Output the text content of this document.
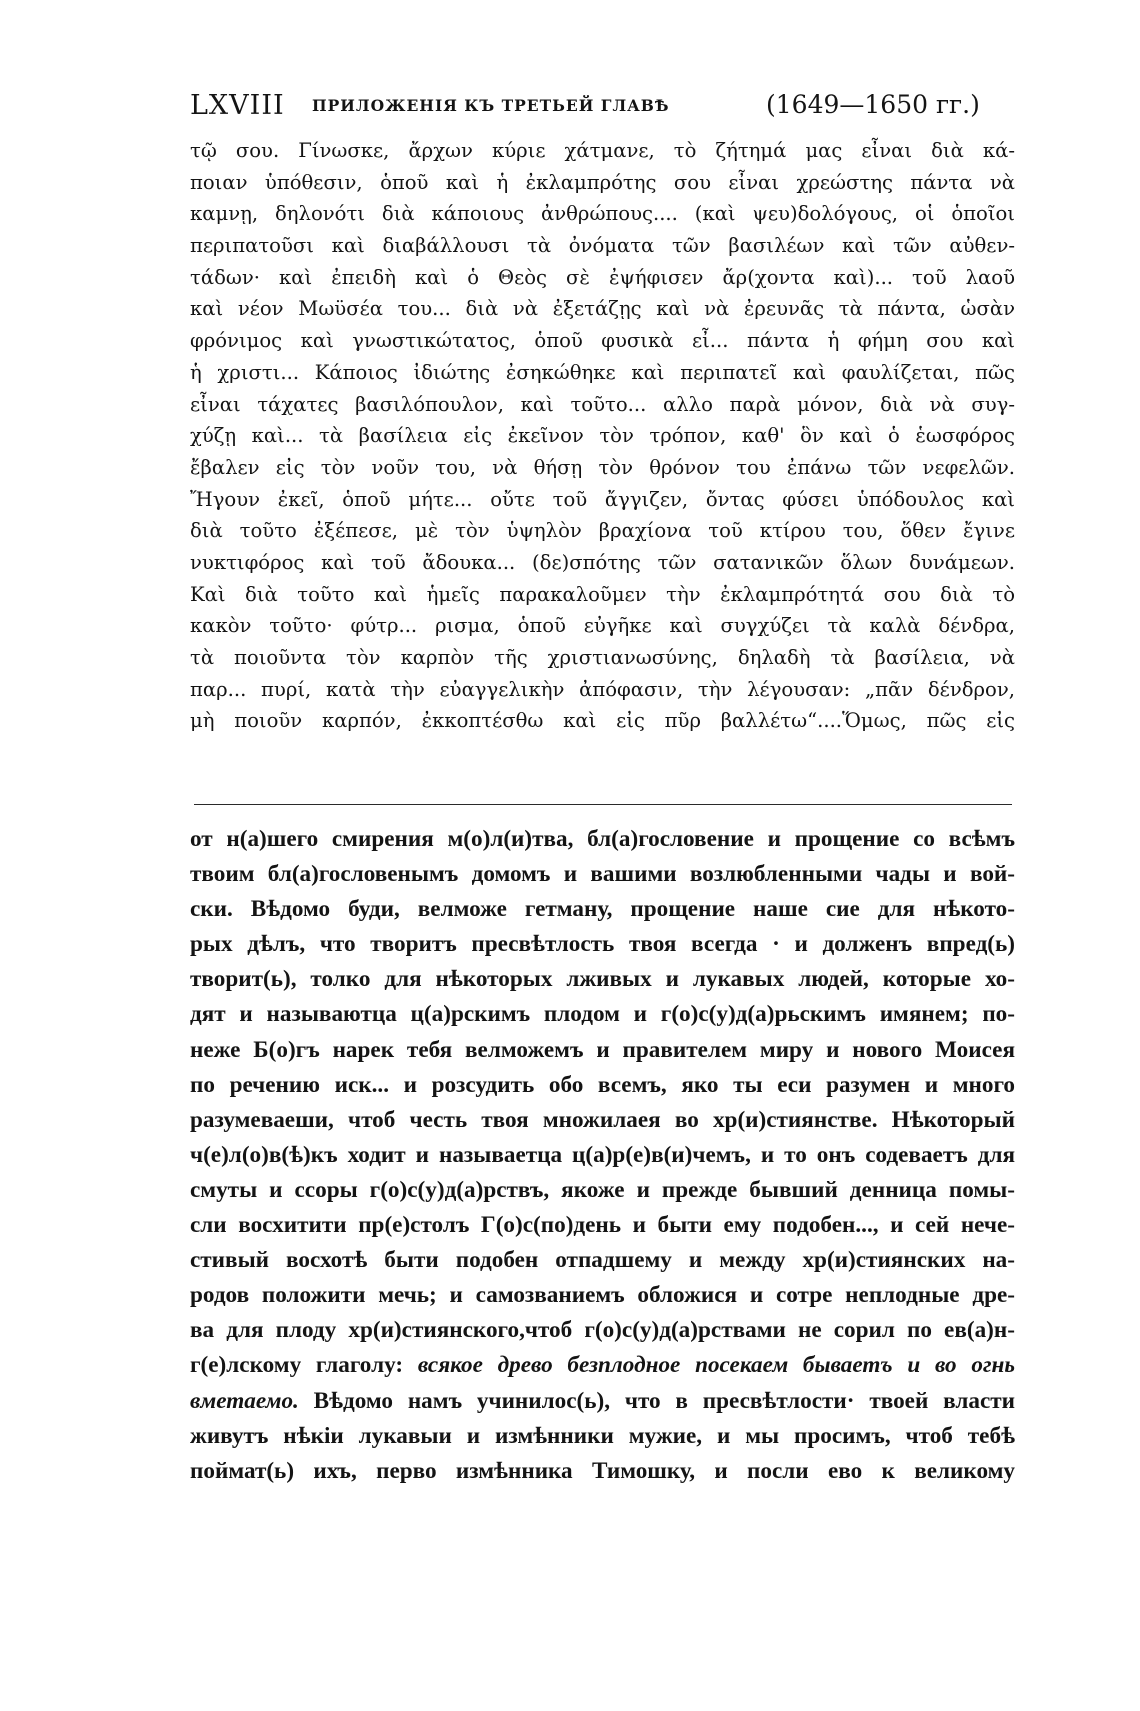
LXVIII ПРИЛОЖЕНІЯ КЪ ТРЕТЬЕЙ ГЛАВѢ	(1649—1650 гг.)
τῷ σου. Γίνωσκε, ἄρχων κύριε χάτμανε, τὸ ζήτημά μας εἶναι διὰ κά-
ποιαν ὑπόθεσιν, ὁποῦ καὶ ἡ ἐκλαμπρότης σου εἶναι χρεώστης πάντα νὰ
καμνῃ, δηλονότι διὰ κάποιους ἀνθρώπους.... (καὶ ψευ)δολόγους, οἱ ὁποῖοι
περιπατοῦσι καὶ διαβάλλουσι τὰ ὀνόματα τῶν βασιλέων καὶ τῶν αὐθεν-
τάδων· καὶ ἐπειδὴ καὶ ὁ Θεὸς σὲ ἐψήφισεν ἄρ(χοντα καὶ)... τοῦ λαοῦ
καὶ νέον Μωϋσέα του... διὰ νὰ ἐξετάζῃς καὶ νὰ ἐρευνᾶς τὰ πάντα, ὡσὰν
φρόνιμος καὶ γνωστικώτατος, ὁποῦ φυσικὰ εἶ... πάντα ἡ φήμη σου καὶ
ἡ χριστι... Κάποιος ἰδιώτης ἐσηκώθηκε καὶ περιπατεῖ καὶ φαυλίζεται, πῶς
εἶναι τάχατες βασιλόπουλον, καὶ τοῦτο... αλλο παρὰ μόνον, διὰ νὰ συγ-
χύζῃ καὶ... τὰ βασίλεια εἰς ἐκεῖνον τὸν τρόπον, καθ' ὃν καὶ ὁ ἑωσφόρος
ἔβαλεν εἰς τὸν νοῦν του, νὰ θήσῃ τὸν θρόνον του ἐπάνω τῶν νεφελῶν.
Ἤγουν ἐκεῖ, ὁποῦ μήτε... οὔτε τοῦ ἄγγιζεν, ὄντας φύσει ὑπόδουλος καὶ
διὰ τοῦτο ἐξέπεσε, μὲ τὸν ὑψηλὸν βραχίονα τοῦ κτίρου του, ὅθεν ἔγινε
νυκτιφόρος καὶ τοῦ ἄδουκα... (δε)σπότης τῶν σατανικῶν ὅλων δυνάμεων.
Καὶ διὰ τοῦτο καὶ ἡμεῖς παρακαλοῦμεν τὴν ἐκλαμπρότητά σου διὰ τὸ
κακὸν τοῦτο· φύτρ... ρισμα, ὁποῦ εὐγῆκε καὶ συγχύζει τὰ καλὰ δένδρα,
τὰ ποιοῦντα τὸν καρπὸν τῆς χριστιανωσύνης, δηλαδὴ τὰ βασίλεια, νὰ
παρ... πυρί, κατὰ τὴν εὐαγγελικὴν ἀπόφασιν, τὴν λέγουσαν: „πᾶν δένδρον,
μὴ ποιοῦν καρπόν, ἐκκοπτέσθω καὶ εἰς πῦρ βαλλέτω“....Ὅμως, πῶς εἰς
от н(а)шего смирения м(о)л(и)тва, бл(а)гословение и прощение со всѣмъ
твоим бл(а)гословенымъ домомъ и вашими возлюбленными чады и вой-
ски. Вѣдомо буди, велможе гетману, прощение наше сие для нѣкото-
рых дѣлъ, что творитъ пресвѣтлость твоя всегда · и долженъ впред(ь)
творит(ь), толко для нѣкоторых лживых и лукавых людей, которые хо-
дят и называютца ц(а)рскимъ плодом и г(о)с(у)д(а)рьскимъ имянем; по-
неже Б(о)гъ нарек тебя велможемъ и правителем миру и нового Моисея
по речению иск... и розсудить обо всемъ, яко ты еси разумен и много
разумеваеши, чтоб честь твоя множилаея во хр(и)стиянстве. Нѣкоторый
ч(е)л(о)в(ѣ)къ ходит и называетца ц(а)р(е)в(и)чемъ, и то онъ содеваетъ для
смуты и ссоры г(о)с(у)д(а)рствъ, якоже и прежде бывший денница помы-
сли восхитити пр(е)столъ Г(о)с(по)день и быти ему подобен..., и сей нече-
стивый восхотѣ быти подобен отпадшему и между хр(и)стиянских на-
родов положити мечь; и самозваниемъ обложися и сотре неплодные дре-
ва для плоду хр(и)стиянского,чтоб г(о)с(у)д(а)рствами не сорил по ев(а)н-
г(е)лскому глаголу: всякое древо безплодное посекаем бываетъ и во огнь
вметаемо. Вѣдомо намъ учинилос(ь), что в пресвѣтлости· твоей власти
живутъ нѣкіи лукавыи и измѣнники мужие, и мы просимъ, чтоб тебѣ
поймат(ь) ихъ, перво измѣнника Тимошку, и посли ево к великому
